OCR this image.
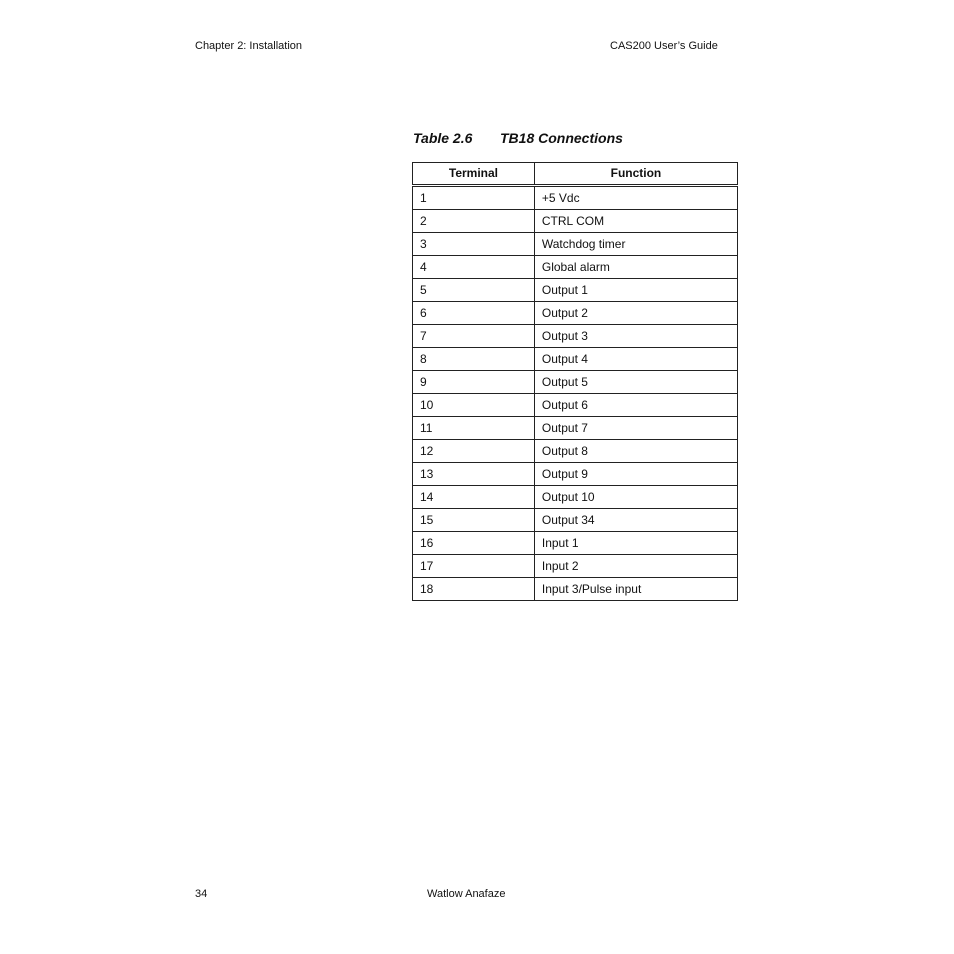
Chapter 2: Installation	CAS200 User’s Guide
Table 2.6 TB18 Connections
Terminal	Function
1	+5 Vdc
2	CTRL COM
3	Watchdog timer
4	Global alarm
5	Output 1
6	Output 2
7	Output 3
8	Output 4
9	Output 5
10	Output 6
11	Output 7
12	Output 8
13	Output 9
14	Output 10
15	Output 34
16	Input 1
17	Input 2
18	Input 3/Pulse input
34	Watlow Anafaze
